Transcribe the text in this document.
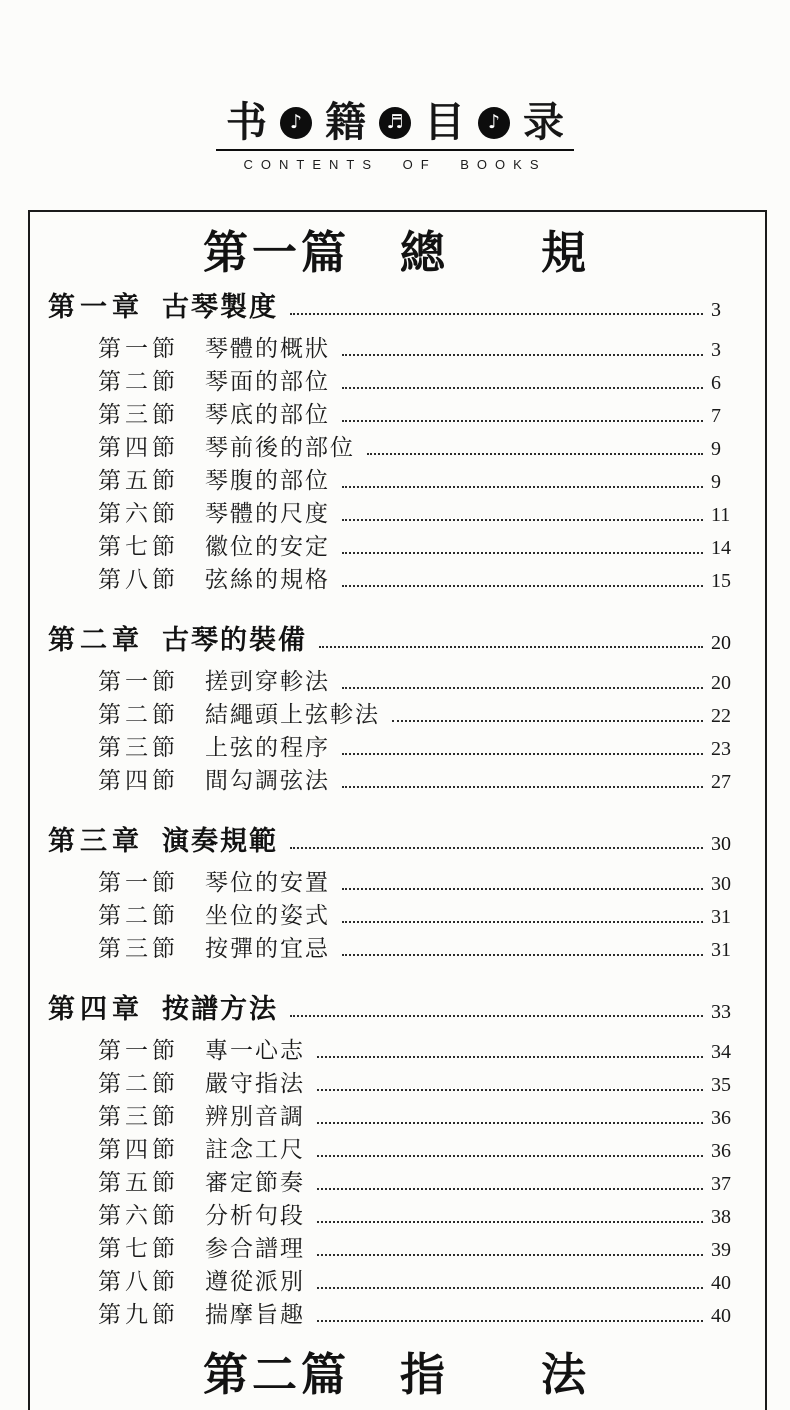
书	♪ 籍	♬ 目	♪ 录
CONTENTS OF BOOKS
第一篇 總 規
第一章 古琴製度	3
第一節 琴體的概狀	3
第二節 琴面的部位	6
第三節 琴底的部位	7
第四節 琴前後的部位	9
第五節 琴腹的部位	9
第六節 琴體的尺度	11
第七節 徽位的安定	14
第八節 弦絲的規格	15
第二章 古琴的裝備	20
第一節 搓剅穿軫法	20
第二節 結繩頭上弦軫法	22
第三節 上弦的程序	23
第四節 間勾調弦法	27
第三章 演奏規範	30
第一節 琴位的安置	30
第二節 坐位的姿式	31
第三節 按彈的宜忌	31
第四章 按譜方法	33
第一節 專一心志	34
第二節 嚴守指法	35
第三節 辨別音調	36
第四節 註念工尺	36
第五節 審定節奏	37
第六節 分析句段	38
第七節 参合譜理	39
第八節 遵從派別	40
第九節 揣摩旨趣	40
第二篇 指 法
